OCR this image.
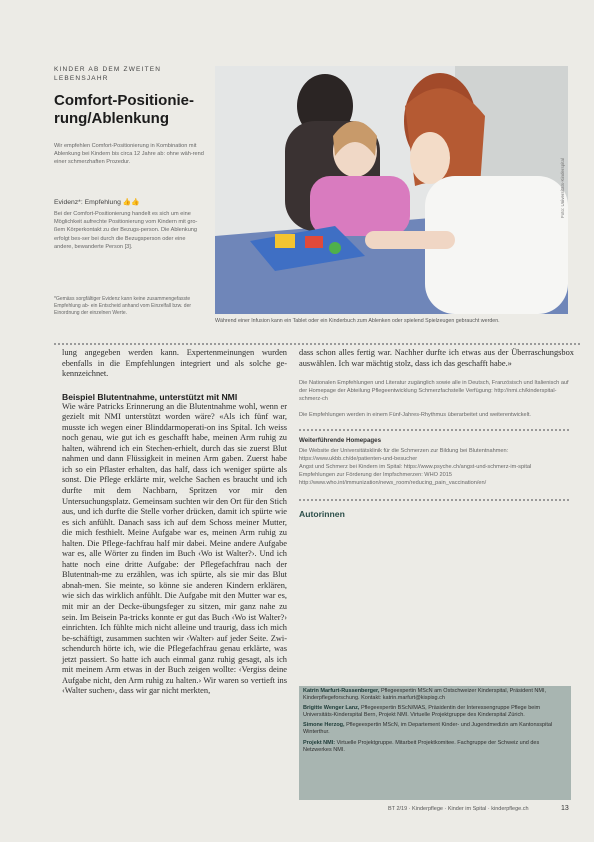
KINDER AB DEM ZWEITEN LEBENSJAHR
Comfort-Positionie-rung/Ablenkung
Wir empfehlen Comfort-Positionierung in Kombination mit Ablenkung bei Kindern bis circa 12 Jahre ab: ohne wäh-rend einer schmerzhaften Prozedur.
Evidenz*: Empfehlung 👍👍
Bei der Comfort-Positionierung handelt es sich um eine Möglichkeit aufrechte Positionierung vom Kindern mit gro-ßem Körperkontakt zu der Bezugs-person. Die Ablenkung erfolgt bes-ser bei durch die Bezugsperson oder eine andere, bewanderte Person [3].
*Gemäss sorgfältiger Evidenz kann keine zusammengefasste Empfehlung ab- ein Entscheid anhand vom Einzelfall bzw. der Einordnung der einzelnen Werte.
Foto: Universitäts-Kinderspital
Während einer Infusion kann ein Tablet oder ein Kinderbuch zum Ablenken oder spielend Spielzeugen gebraucht werden.

lung angegeben werden kann. Expertenmeinungen wurden ebenfalls in die Empfehlungen integriert und als solche ge-kennzeichnet.

Beispiel Blutentnahme, unterstützt mit NMI

Wie wäre Patricks Erinnerung an die Blutentnahme wohl, wenn er gezielt mit NMI unterstützt worden wäre? «Als ich fünf war, musste ich wegen einer Blinddarmoperati-on ins Spital. Ich weiss noch genau, wie gut ich es geschafft habe, meinen Arm ruhig zu halten, während ich ein Stechen-erhielt, durch das sie zuerst Blut nahmen und dann Flüssigkeit in meinen Arm gaben. Zuerst habe ich so ein Pflaster erhalten, das half, dass ich weniger spürte als sonst. Die Pflege erklärte mir, welche Sachen es braucht und ich durfte mit dem Nachbarn, Spritzen vor mir den Untersuchungsplatz. Gemeinsam suchten wir den Ort für den Stich aus, und ich durfte die Stelle vorher drücken, damit ich spürte wie es sich anfühlt. Danach sass ich auf dem Schoss meiner Mutter, die mich festhielt. Meine Aufgabe war es, meinen Arm ruhig zu halten. Die Pflege-fachfrau half mir dabei. Meine andere Aufgabe war es, alle Wörter zu finden im Buch ‹Wo ist Walter?›. Und ich hatte noch eine dritte Aufgabe: der Pflegefachfrau nach der Blutentnah-me zu erzählen, was ich spürte, als sie mir das Blut abnah-men. Sie meinte, so könne sie anderen Kindern erklären, wie sich das wirklich anfühlt. Die Aufgabe mit den Mutter war es, mit mir an der Decke-übungsfeger zu sitzen, mir ganz nahe zu sein. Im Beisein Pa-tricks konnte er gut das Buch ‹Wo ist Walter?› einrichten. Ich fühlte mich nicht alleine und traurig, dass ich mich be-schäftigt, zusammen suchten wir ‹Walter› auf jeder Seite. Zwi-schendurch hörte ich, wie die Pflegefachfrau genau erklärte, was jetzt passiert. So hatte ich auch einmal ganz ruhig gesagt, als ich mit meinem Arm etwas in der Buch zeigen wollte: ‹Vergiss deine Aufgabe nicht, den Arm ruhig zu halten.› Wir waren so vertieft ins ‹Walter suchen›, dass wir gar nicht merkten,

dass schon alles fertig war. Nachher durfte ich etwas aus der Überraschungsbox auswählen. Ich war mächtig stolz, dass ich das geschafft habe.»

Die Nationalen Empfehlungen und Literatur zugänglich sowie alle in Deutsch, Französisch und Italienisch auf der Homepage der Abteilung Pflegeentwicklung Schmerzfachstelle Verfügung: http://nmi.ch/kinderspital-schmerz-ch

Die Empfehlungen werden in einem Fünf-Jahres-Rhythmus überarbeitet und weiterentwickelt.

Weiterführende Homepages

Die Website der Universitätsklinik für die Schmerzen zur Bildung bei Blutentnahmen: https://www.ukbb.ch/de/patienten-und-besucher

Angst und Schmerz bei Kindern im Spital: https://www.psyche.ch/angst-und-schmerz-im-spital

Empfehlungen zur Förderung der Impfschmerzen: WHO 2015 http://www.who.int/immunization/news_room/reducing_pain_vaccination/en/

Autorinnen

Katrin Marfurt-Russenberger, Pflegeexpertin MScN am Ostschweizer Kinderspital, Präsident NMI, Kinderpflegeforschung. Kontakt: katrin.marfurt@kispisg.ch
Brigitte Wenger Lanz, Pflegeexpertin BScN/MAS, Präsidentin der Interessengruppe Pflege beim Universitäts-Kinderspital Bern, Projekt NMI. Virtuelle Projektgruppe des Kinderspital Zürich.
Simone Herzog, Pflegeexpertin MScN, im Departement Kinder- und Jugendmedizin am Kantonsspital Winterthur.
Projekt NMI: Virtuelle Projektgruppe. Mitarbeit Projektkomitee. Fachgruppe der Schweiz und des Netzwerkes NMI.
BT 2/19 · Kinderpflege · Kinder im Spital · kinderpflege.ch	13
